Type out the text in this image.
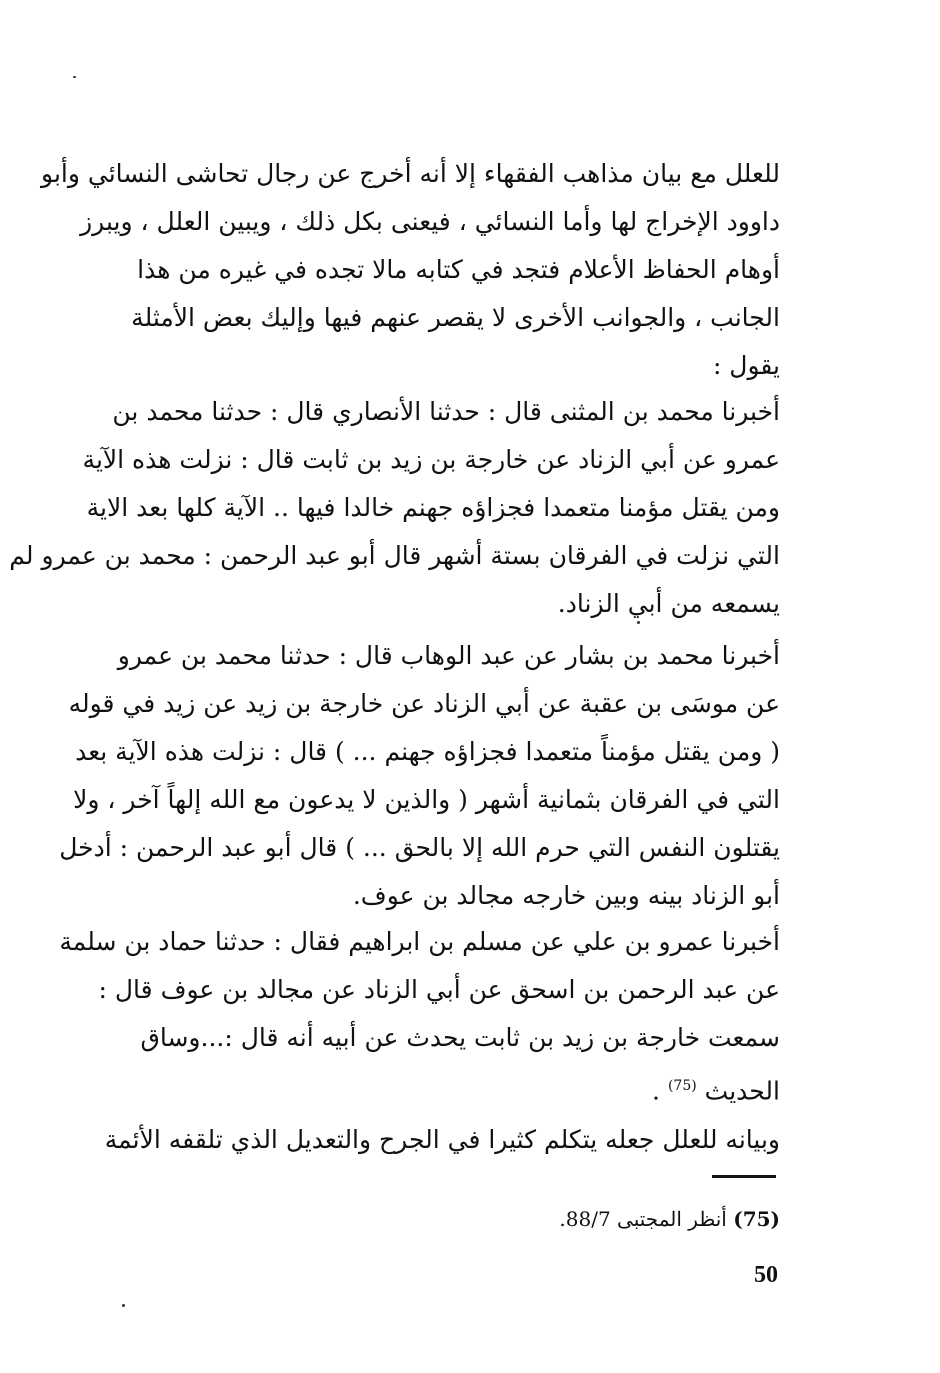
للعلل مع بيان مذاهب الفقهاء إلا أنه أخرج عن رجال تحاشى النسائي وأبو
داوود الإخراج لها وأما النسائي ، فيعنى بكل ذلك ، ويبين العلل ، ويبرز
أوهام الحفاظ الأعلام فتجد في كتابه مالا تجده في غيره من هذا
الجانب ، والجوانب الأخرى لا يقصر عنهم فيها وإليك بعض الأمثلة
يقول :
أخبرنا محمد بن المثنى قال : حدثنا الأنصاري قال : حدثنا محمد بن
عمرو عن أبي الزناد عن خارجة بن زيد بن ثابت قال : نزلت هذه الآية
ومن يقتل مؤمنا متعمدا فجزاؤه جهنم خالدا فيها .. الآية كلها بعد الاية
التي نزلت في الفرقان بستة أشهر قال أبو عبد الرحمن : محمد بن عمرو لم
يسمعه من أبي الزناد.
أخبرنا محمد بن بشار عن عبد الوهاب قال : حدثنا محمد بن عمرو
عن موسَى بن عقبة عن أبي الزناد عن خارجة بن زيد عن زيد في قوله
( ومن يقتل مؤمناً متعمدا فجزاؤه جهنم ... ) قال : نزلت هذه الآية بعد
التي في الفرقان بثمانية أشهر ( والذين لا يدعون مع الله إلهاً آخر ، ولا
يقتلون النفس التي حرم الله إلا بالحق ... ) قال أبو عبد الرحمن : أدخل
أبو الزناد بينه وبين خارجه مجالد بن عوف.
أخبرنا عمرو بن علي عن مسلم بن ابراهيم فقال : حدثنا حماد بن سلمة
عن عبد الرحمن بن اسحق عن أبي الزناد عن مجالد بن عوف قال :
سمعت خارجة بن زيد بن ثابت يحدث عن أبيه أنه قال :...وساق
الحديث $^{(75)}$ .
وبيانه للعلل جعله يتكلم كثيرا في الجرح والتعديل الذي تلقفه الأئمة
(75) أنظر المجتبى 88/7.
50
